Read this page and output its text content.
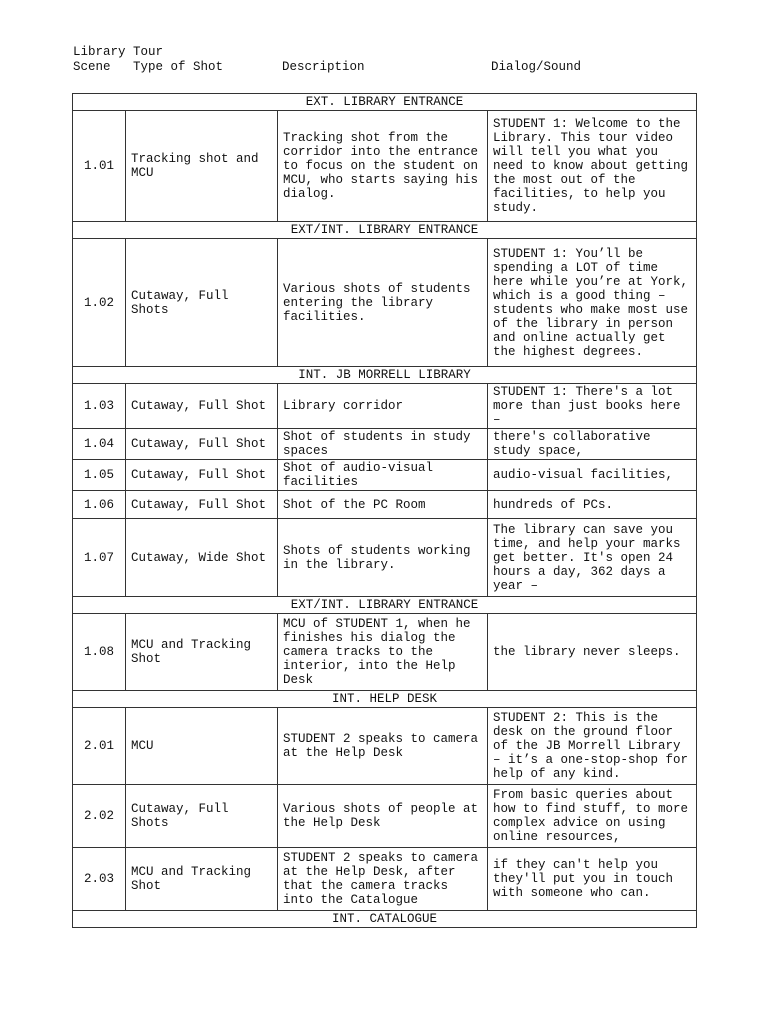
Library Tour
Scene Type of Shot	Description	Dialog/Sound
EXT. LIBRARY ENTRANCE			
1.01	Tracking shot and MCU	Tracking shot from the corridor into the entrance to focus on the student on MCU, who starts saying his dialog.	STUDENT 1: Welcome to the Library. This tour video will tell you what you need to know about getting the most out of the facilities, to help you study.
EXT/INT. LIBRARY ENTRANCE			
1.02	Cutaway, Full Shots	Various shots of students entering the library facilities.	STUDENT 1: You’ll be spending a LOT of time here while you’re at York, which is a good thing – students who make most use of the library in person and online actually get the highest degrees.
INT. JB MORRELL LIBRARY			
1.03	Cutaway, Full Shot	Library corridor	STUDENT 1: There's a lot more than just books here –
1.04	Cutaway, Full Shot	Shot of students in study spaces	there's collaborative study space,
1.05	Cutaway, Full Shot	Shot of audio-visual facilities	audio-visual facilities,
1.06	Cutaway, Full Shot	Shot of the PC Room	hundreds of PCs.
1.07	Cutaway, Wide Shot	Shots of students working in the library.	The library can save you time, and help your marks get better. It's open 24 hours a day, 362 days a year –
EXT/INT. LIBRARY ENTRANCE			
1.08	MCU and Tracking Shot	MCU of STUDENT 1, when he finishes his dialog the camera tracks to the interior, into the Help Desk	the library never sleeps.
INT. HELP DESK			
2.01	MCU	STUDENT 2 speaks to camera at the Help Desk	STUDENT 2: This is the desk on the ground floor of the JB Morrell Library – it’s a one-stop-shop for help of any kind.
2.02	Cutaway, Full Shots	Various shots of people at the Help Desk	From basic queries about how to find stuff, to more complex advice on using online resources,
2.03	MCU and Tracking Shot	STUDENT 2 speaks to camera at the Help Desk, after that the camera tracks into the Catalogue	if they can't help you they'll put you in touch with someone who can.
INT. CATALOGUE			
